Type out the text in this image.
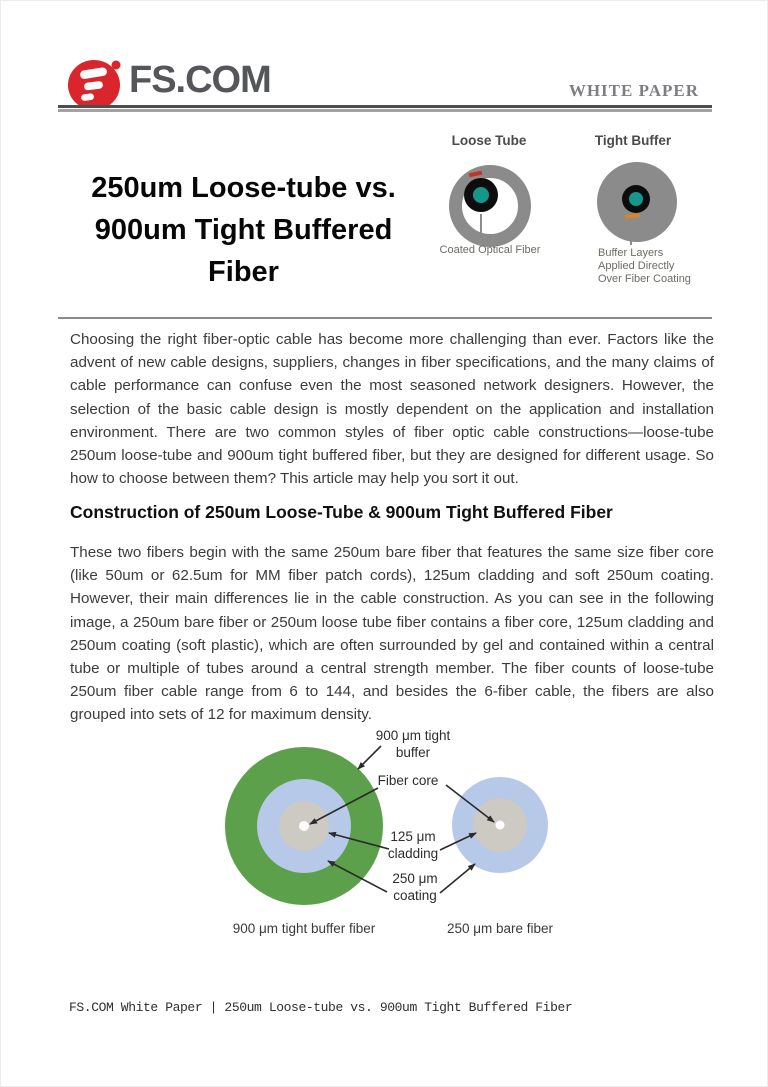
FS.COM	WHITE PAPER
250um Loose-tube vs.
900um Tight Buffered
Fiber
Loose Tube	Tight Buffer
Coated Optical Fiber	Buffer Layers
Applied Directly
Over Fiber Coating
Choosing the right fiber-optic cable has become more challenging than ever. Factors like the advent of new cable designs, suppliers, changes in fiber specifications, and the many claims of cable performance can confuse even the most seasoned network designers. However, the selection of the basic cable design is mostly dependent on the application and installation environment. There are two common styles of fiber optic cable constructions—loose-tube 250um loose-tube and 900um tight buffered fiber, but they are designed for different usage. So how to choose between them? This article may help you sort it out.
Construction of 250um Loose-Tube & 900um Tight Buffered Fiber
These two fibers begin with the same 250um bare fiber that features the same size fiber core (like 50um or 62.5um for MM fiber patch cords), 125um cladding and soft 250um coating. However, their main differences lie in the cable construction. As you can see in the following image, a 250um bare fiber or 250um loose tube fiber contains a fiber core, 125um cladding and 250um coating (soft plastic), which are often surrounded by gel and contained within a central tube or multiple of tubes around a central strength member. The fiber counts of loose-tube 250um fiber cable range from 6 to 144, and besides the 6-fiber cable, the fibers are also grouped into sets of 12 for maximum density.
900 μm tight
buffer
Fiber core
125 μm
cladding
250 μm
coating
900 μm tight buffer fiber	250 μm bare fiber
FS.COM White Paper | 250um Loose-tube vs. 900um Tight Buffered Fiber
